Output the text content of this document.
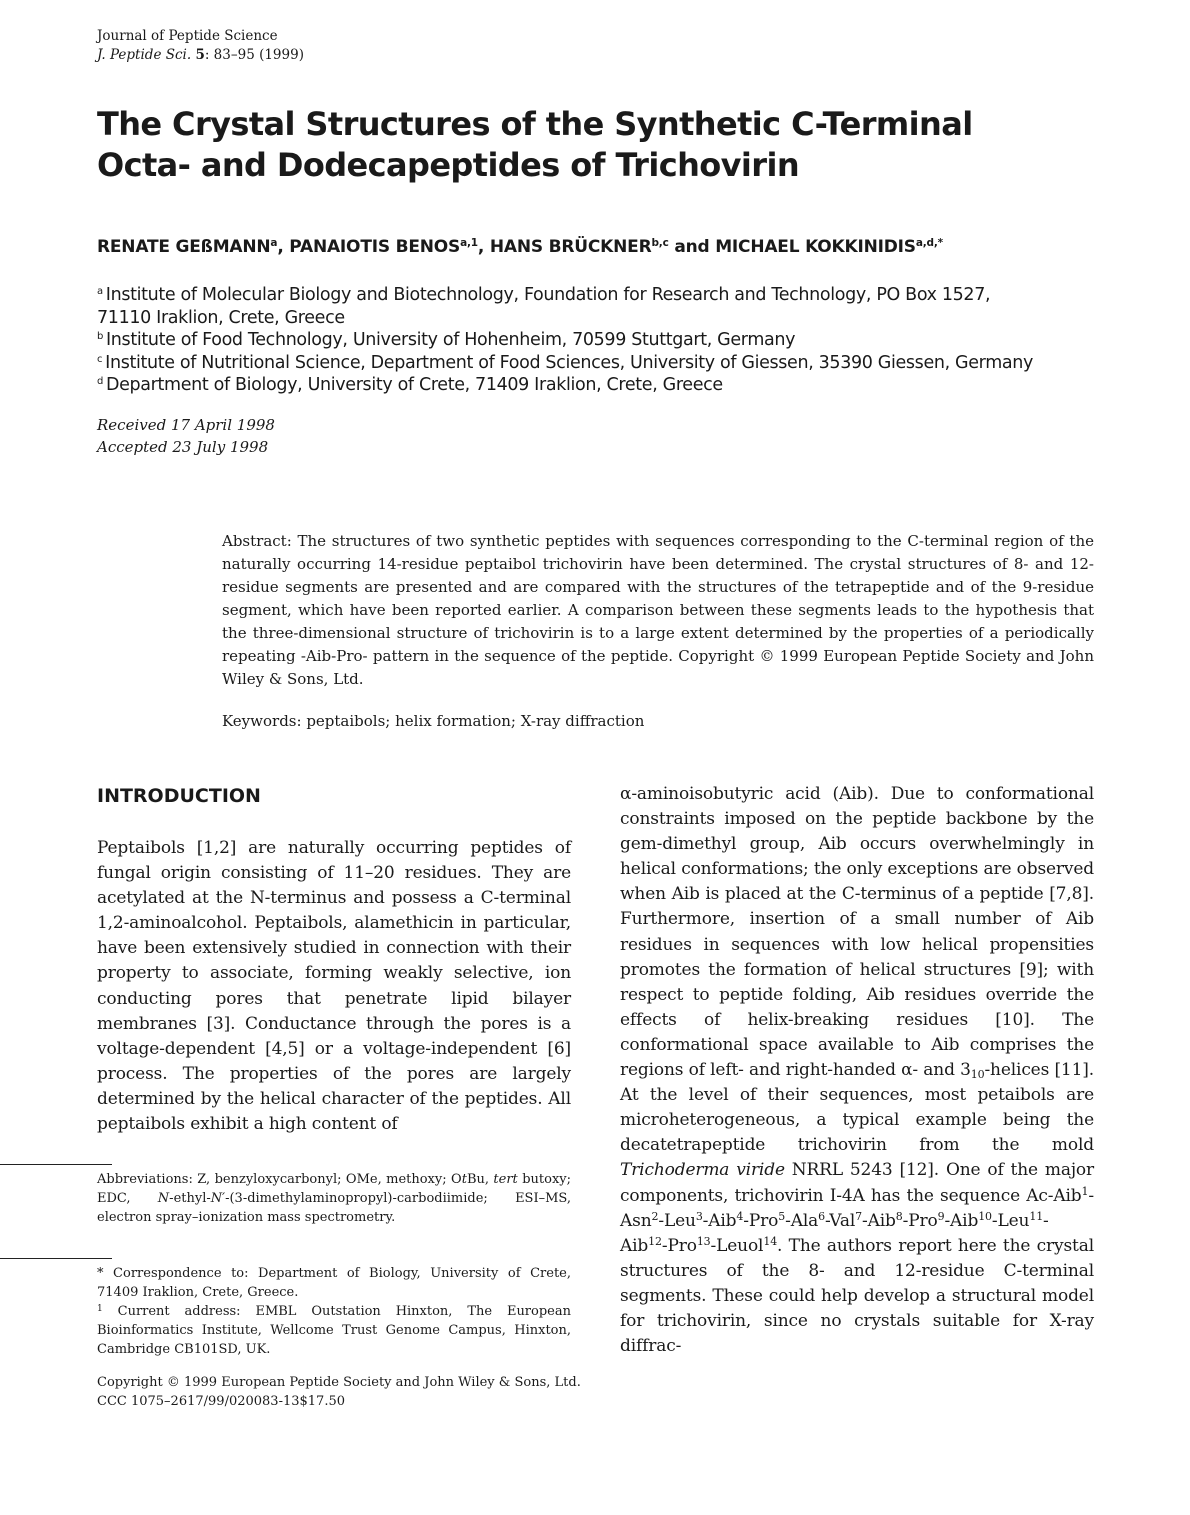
Journal of Peptide Science
J. Peptide Sci. 5: 83–95 (1999)
The Crystal Structures of the Synthetic C-Terminal
Octa- and Dodecapeptides of Trichovirin
RENATE GEßMANN$^a$, PANAIOTIS BENOS$^{a,1}$, HANS BRÜCKNER$^{b,c}$ and MICHAEL $KOKKINIDIS^{a,d,*}$
$^a$ Institute of Molecular Biology and Biotechnology, Foundation for Research and Technology, PO Box 1527,
71110 Iraklion, Crete, Greece
$^b$ Institute of Food Technology, University of Hohenheim, 70599 Stuttgart, Germany
$^c$ Institute of Nutritional Science, Department of Food Sciences, University of Giessen, 35390 Giessen, Germany
$^d$ Department of Biology, University of Crete, 71409 Iraklion, Crete, Greece
Received 17 April 1998
Accepted 23 July 1998
Abstract: The structures of two synthetic peptides with sequences corresponding to the C-terminal region of the naturally occurring 14-residue peptaibol trichovirin have been determined. The crystal structures of 8- and 12-residue segments are presented and are compared with the structures of the tetrapeptide and of the 9-residue segment, which have been reported earlier. A comparison between these segments leads to the hypothesis that the three-dimensional structure of trichovirin is to a large extent determined by the properties of a periodically repeating -Aib-Pro- pattern in the sequence of the peptide. Copyright © 1999 European Peptide Society and John Wiley & Sons, Ltd.
Keywords: peptaibols; helix formation; X-ray diffraction
INTRODUCTION
Peptaibols [1,2] are naturally occurring peptides of fungal origin consisting of 11–20 residues. They are acetylated at the N-terminus and possess a C-terminal 1,2-aminoalcohol. Peptaibols, alamethicin in particular, have been extensively studied in connection with their property to associate, forming weakly selective, ion conducting pores that penetrate lipid bilayer membranes [3]. Conductance through the pores is a voltage-dependent [4,5] or a voltage-independent [6] process. The properties of the pores are largely determined by the helical character of the peptides. All peptaibols exhibit a high content of
α-aminoisobutyric acid (Aib). Due to conformational constraints imposed on the peptide backbone by the gem-dimethyl group, Aib occurs overwhelmingly in helical conformations; the only exceptions are observed when Aib is placed at the C-terminus of a peptide [7,8]. Furthermore, insertion of a small number of Aib residues in sequences with low helical propensities promotes the formation of helical structures [9]; with respect to peptide folding, Aib residues override the effects of helix-breaking residues [10]. The conformational space available to Aib comprises the regions of left- and right-handed α- and $3_{10}$-helices [11]. At the level of their sequences, most petaibols are microheterogeneous, a typical example being the decatetrapeptide trichovirin from the mold Trichoderma viride NRRL 5243 [12]. One of the major components, trichovirin I-4A has the sequence Ac-Aib$^1$-Asn$^2$-Leu$^3$-Aib$^4$-Pro$^5$-Ala$^6$-Val$^7$-Aib$^8$-Pro$^9$-Aib$^{10}$-Leu$^{11}$-Aib$^{12}$-Pro$^{13}$-Leuol$^{14}$. The authors report here the crystal structures of the 8- and 12-residue C-terminal segments. These could help develop a structural model for trichovirin, since no crystals suitable for X-ray diffrac-
Abbreviations: Z, benzyloxycarbonyl; OMe, methoxy; OtBu, tert butoxy; EDC, N-ethyl-N′-(3-dimethylaminopropyl)-carbodiimide; ESI–MS, electron spray–ionization mass spectrometry.
* Correspondence to: Department of Biology, University of Crete, 71409 Iraklion, Crete, Greece.
$^1$ Current address: EMBL Outstation Hinxton, The European Bioinformatics Institute, Wellcome Trust Genome Campus, Hinxton, Cambridge CB101SD, UK.
Copyright © 1999 European Peptide Society and John Wiley & Sons, Ltd.
CCC 1075–2617/99/020083-13$17.50
